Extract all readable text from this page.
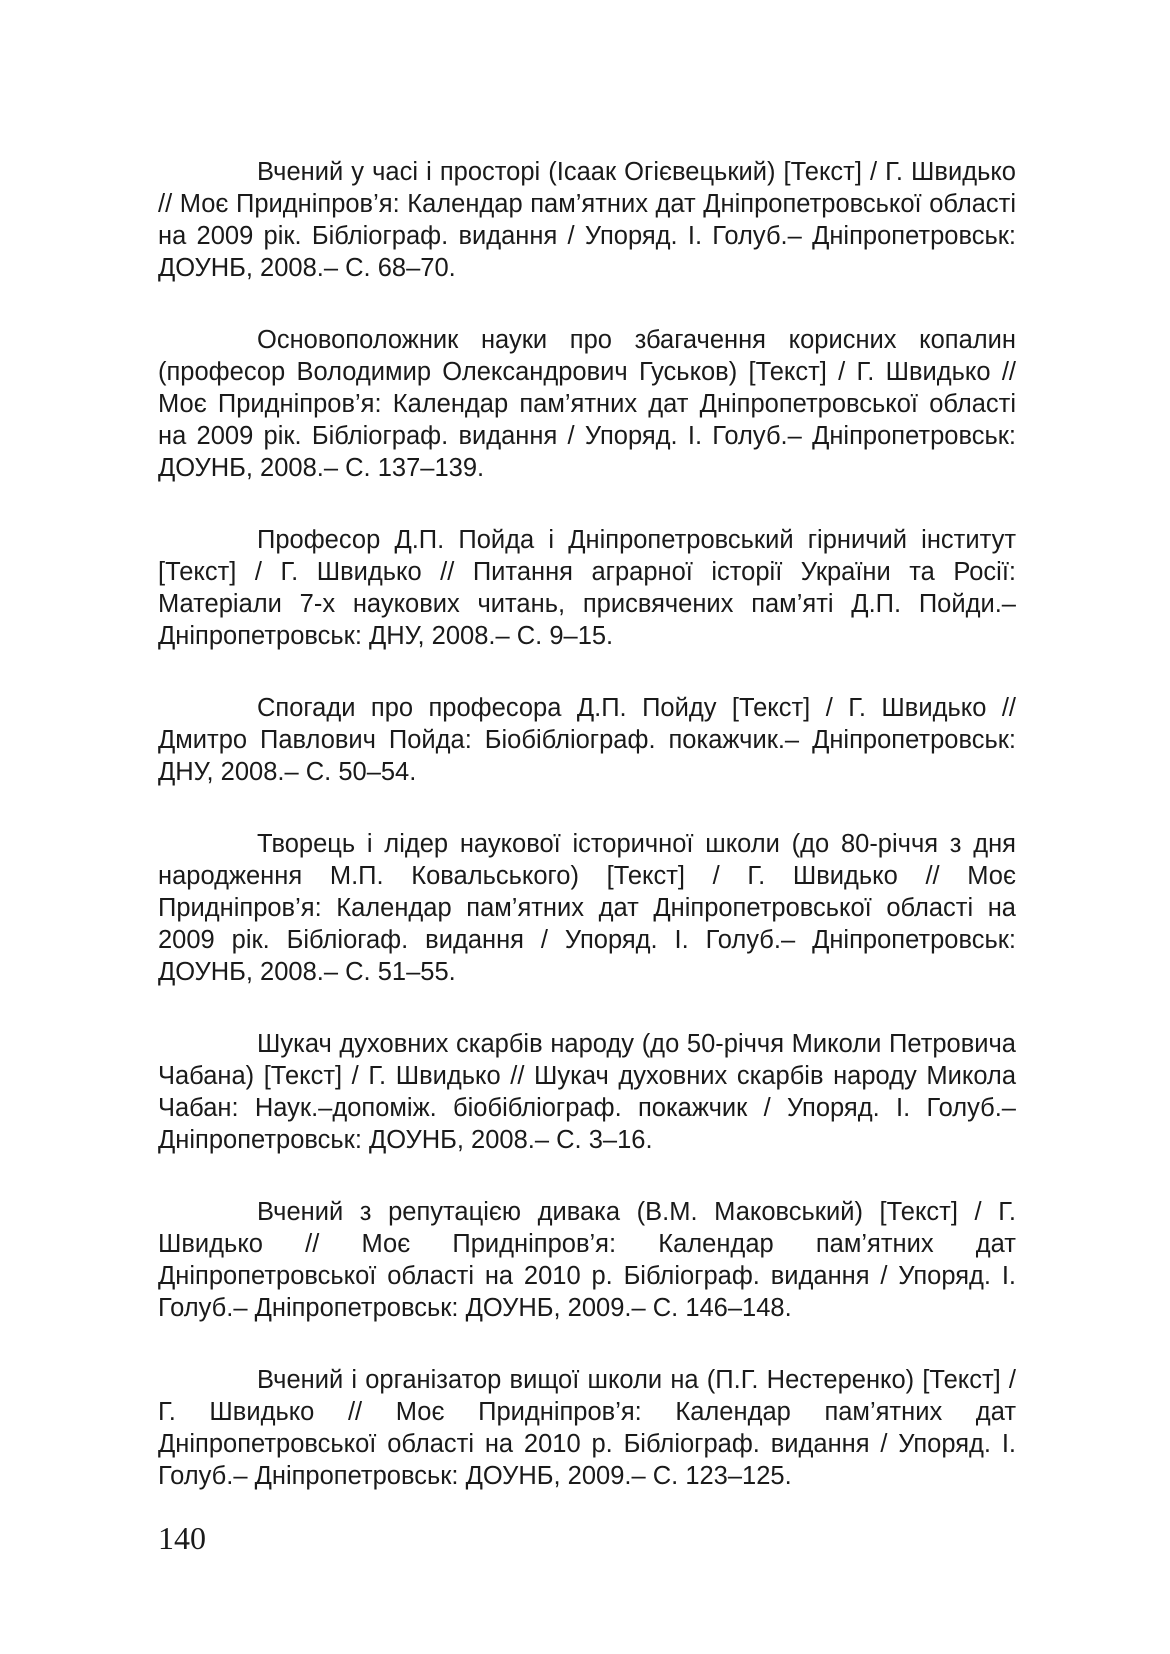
Вчений у часі і просторі (Ісаак Огієвецький) [Текст] / Г. Швидько // Моє Придніпров’я: Календар пам’ятних дат Дніпропетровської області на 2009 рік. Бібліограф. видання / Упоряд. І. Голуб.– Дніпропетровськ: ДОУНБ, 2008.– С. 68–70.
Основоположник науки про збагачення корисних копалин (професор Володимир Олександрович Гуськов) [Текст] / Г. Швидько // Моє Придніпров’я: Календар пам’ятних дат Дніпропетровської області на 2009 рік. Бібліограф. видання / Упоряд. І. Голуб.– Дніпропетровськ: ДОУНБ, 2008.– С. 137–139.
Професор Д.П. Пойда і Дніпропетровський гірничий інститут [Текст] / Г. Швидько // Питання аграрної історії України та Росії: Матеріали 7-х наукових читань, присвячених пам’яті Д.П. Пойди.– Дніпропетровськ: ДНУ, 2008.– С. 9–15.
Спогади про професора Д.П. Пойду [Текст] / Г. Швидько // Дмитро Павлович Пойда: Біобібліограф. покажчик.– Дніпропетровськ: ДНУ, 2008.– С. 50–54.
Творець і лідер наукової історичної школи (до 80-річчя з дня народження М.П. Ковальського) [Текст] / Г. Швидько // Моє Придніпров’я: Календар пам’ятних дат Дніпропетровської області на 2009 рік. Бібліогаф. видання / Упоряд. І. Голуб.– Дніпропетровськ: ДОУНБ, 2008.– С. 51–55.
Шукач духовних скарбів народу (до 50-річчя Миколи Петровича Чабана) [Текст] / Г. Швидько // Шукач духовних скарбів народу Микола Чабан: Наук.–допоміж. біобібліограф. покажчик / Упоряд. І. Голуб.– Дніпропетровськ: ДОУНБ, 2008.– С. 3–16.
Вчений з репутацією дивака (В.М. Маковський) [Текст] / Г. Швидько // Моє Придніпров’я: Календар пам’ятних дат Дніпропетровської області на 2010 р. Бібліограф. видання / Упоряд. І. Голуб.– Дніпропетровськ: ДОУНБ, 2009.– С. 146–148.
Вчений і організатор вищої школи на (П.Г. Нестеренко) [Текст] / Г. Швидько // Моє Придніпров’я: Календар пам’ятних дат Дніпропетровської області на 2010 р. Бібліограф. видання / Упоряд. І. Голуб.– Дніпропетровськ: ДОУНБ, 2009.– С. 123–125.
140
